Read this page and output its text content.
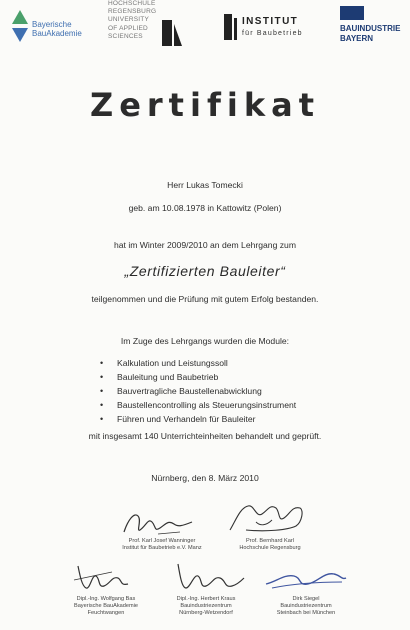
Bayerische
BauAkademie
HOCHSCHULE
REGENSBURG
UNIVERSITY
OF APPLIED
SCIENCES
INSTITUT
für Baubetrieb
BAUINDUSTRIE
BAYERN
Zertifikat
Herr Lukas Tomecki
geb. am 10.08.1978 in Kattowitz (Polen)
hat im Winter 2009/2010 an dem Lehrgang zum
„Zertifizierten Bauleiter“
teilgenommen und die Prüfung mit gutem Erfolg bestanden.
Im Zuge des Lehrgangs wurden die Module:
• Kalkulation und Leistungssoll
• Bauleitung und Baubetrieb
• Bauvertragliche Baustellenabwicklung
• Baustellencontrolling als Steuerungsinstrument
• Führen und Verhandeln für Bauleiter
mit insgesamt 140 Unterrichteinheiten behandelt und geprüft.
Nürnberg, den 8. März 2010
Prof. Karl Josef Wanninger
Institut für Baubetrieb e.V. Manz
Prof. Bernhard Karl
Hochschule Regensburg
Dipl.-Ing. Wolfgang Bas
Bayerische BauAkademie
Feuchtwangen
Dipl.-Ing. Herbert Kraus
Bauindustriezentrum
Nürnberg-Wetzendorf
Dirk Siegel
Bauindustriezentrum
Steinbach bei München
